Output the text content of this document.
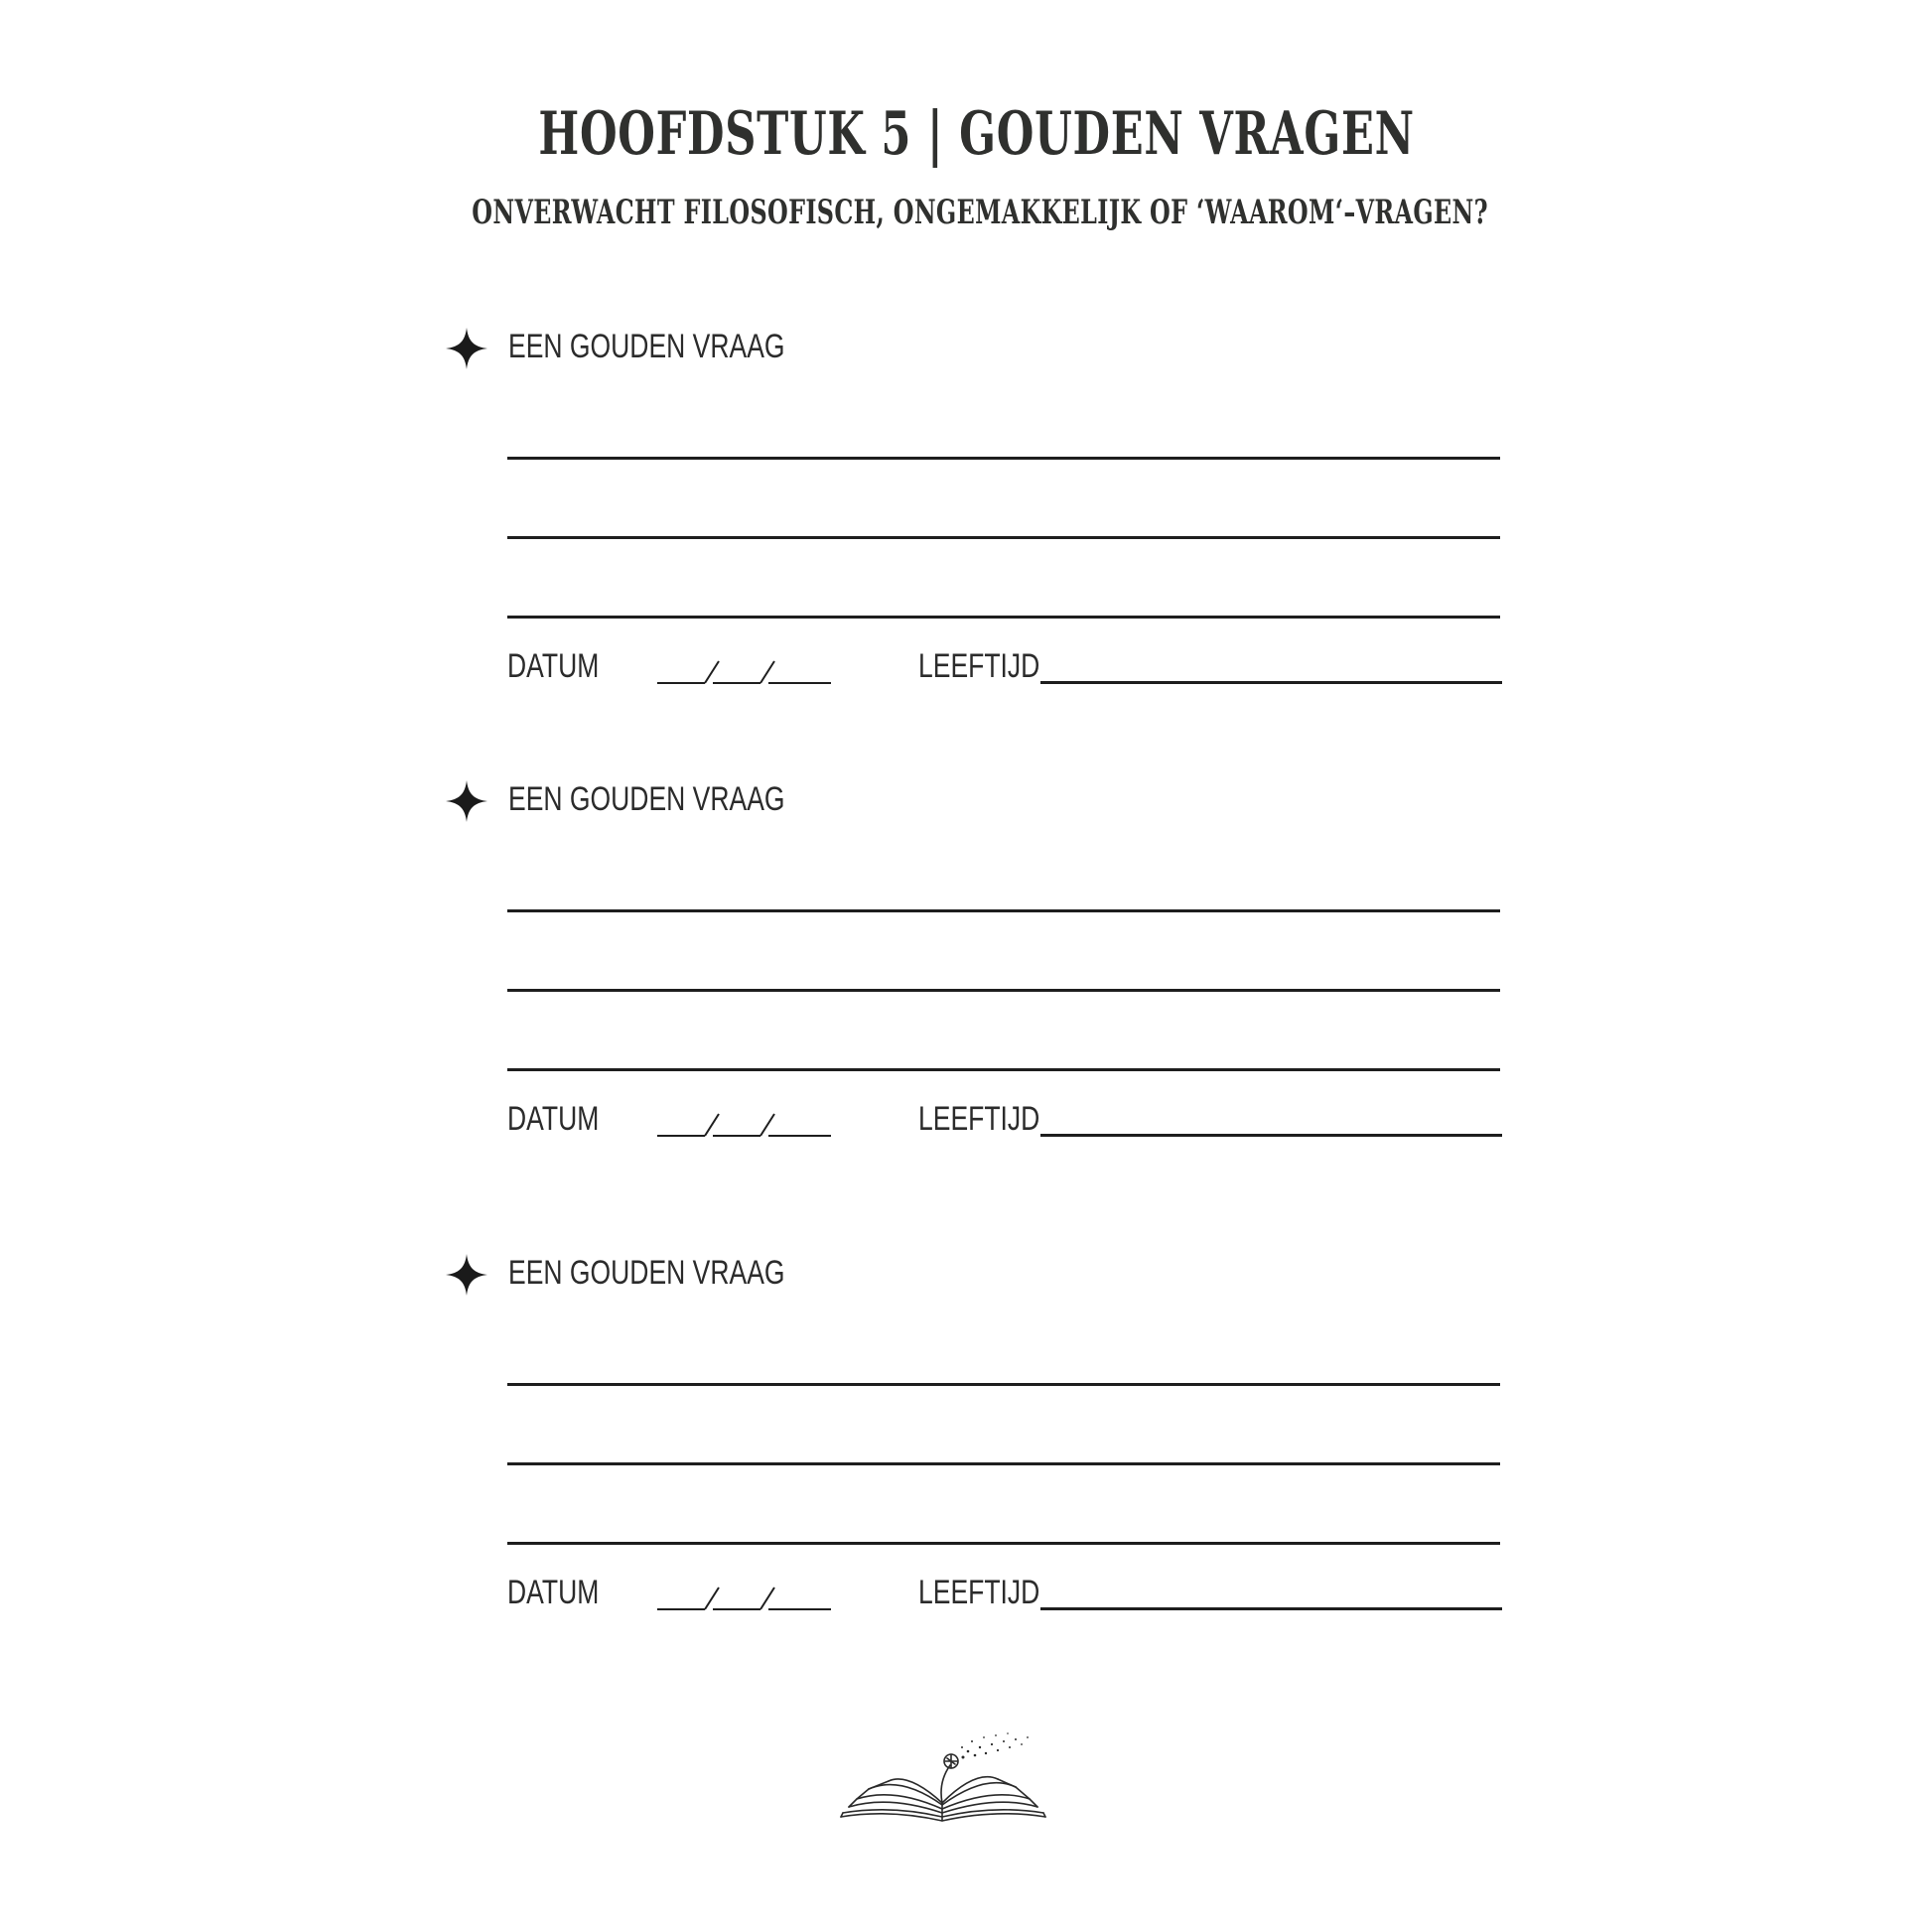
HOOFDSTUK 5 | GOUDEN VRAGEN
ONVERWACHT FILOSOFISCH, ONGEMAKKELIJK OF ‘WAAROM‘–VRAGEN?
EEN GOUDEN VRAAG
DATUM	LEEFTIJD
EEN GOUDEN VRAAG
DATUM	LEEFTIJD
EEN GOUDEN VRAAG
DATUM	LEEFTIJD
